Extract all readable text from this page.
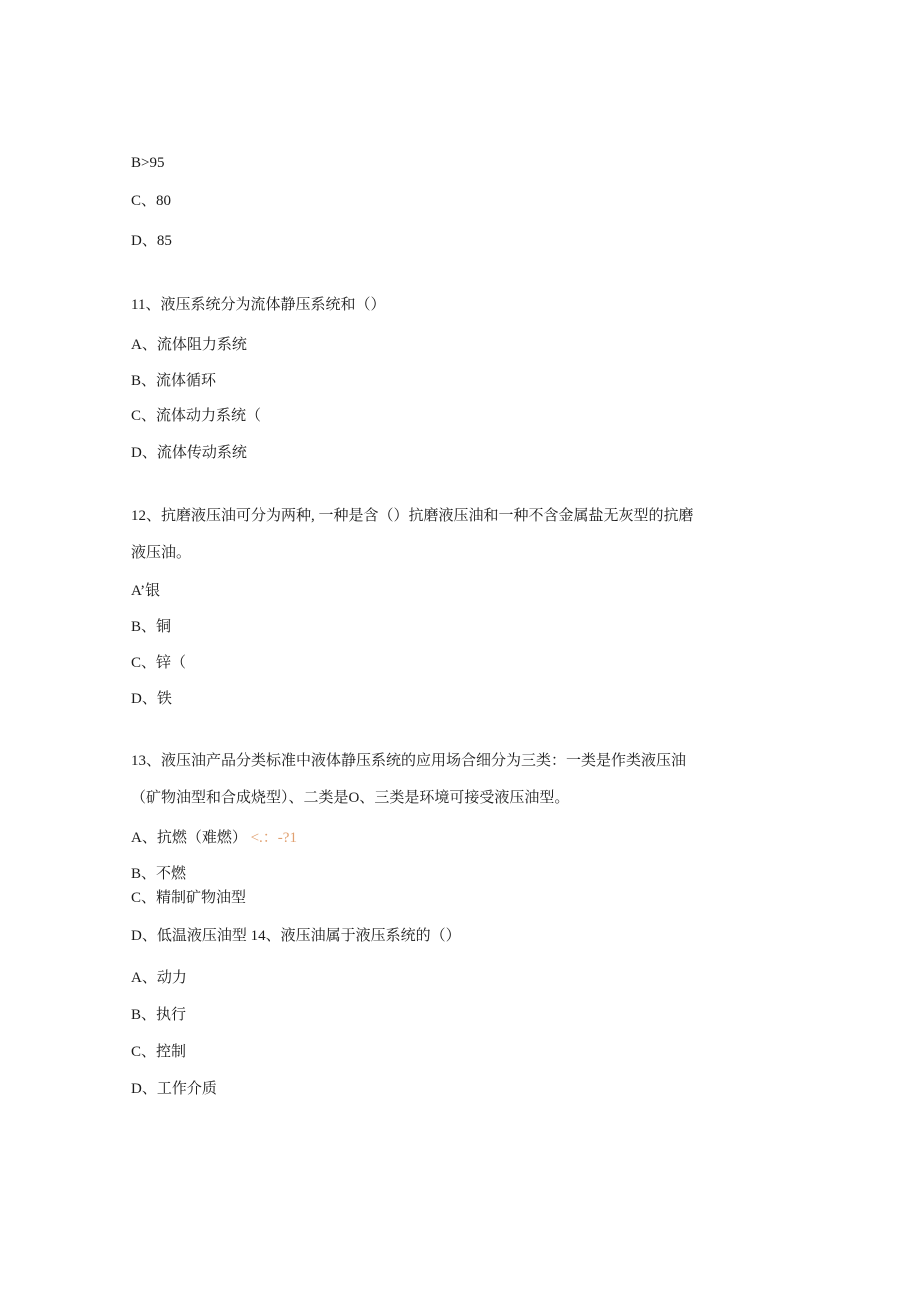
B>95
C、80
D、85
11、液压系统分为流体静压系统和（）
A、流体阻力系统
B、流体循环
C、流体动力系统（
D、流体传动系统
12、抗磨液压油可分为两种, 一种是含（）抗磨液压油和一种不含金属盐无灰型的抗磨
液压油。
A’银
B、铜
C、锌（
D、铁
13、液压油产品分类标准中液体静压系统的应用场合细分为三类：一类是作类液压油
（矿物油型和合成烧型）、二类是O、三类是环境可接受液压油型。
A、抗燃（难燃） <.：-?1
B、不燃
C、精制矿物油型
D、低温液压油型 14、液压油属于液压系统的（）
A、动力
B、执行
C、控制
D、工作介质
